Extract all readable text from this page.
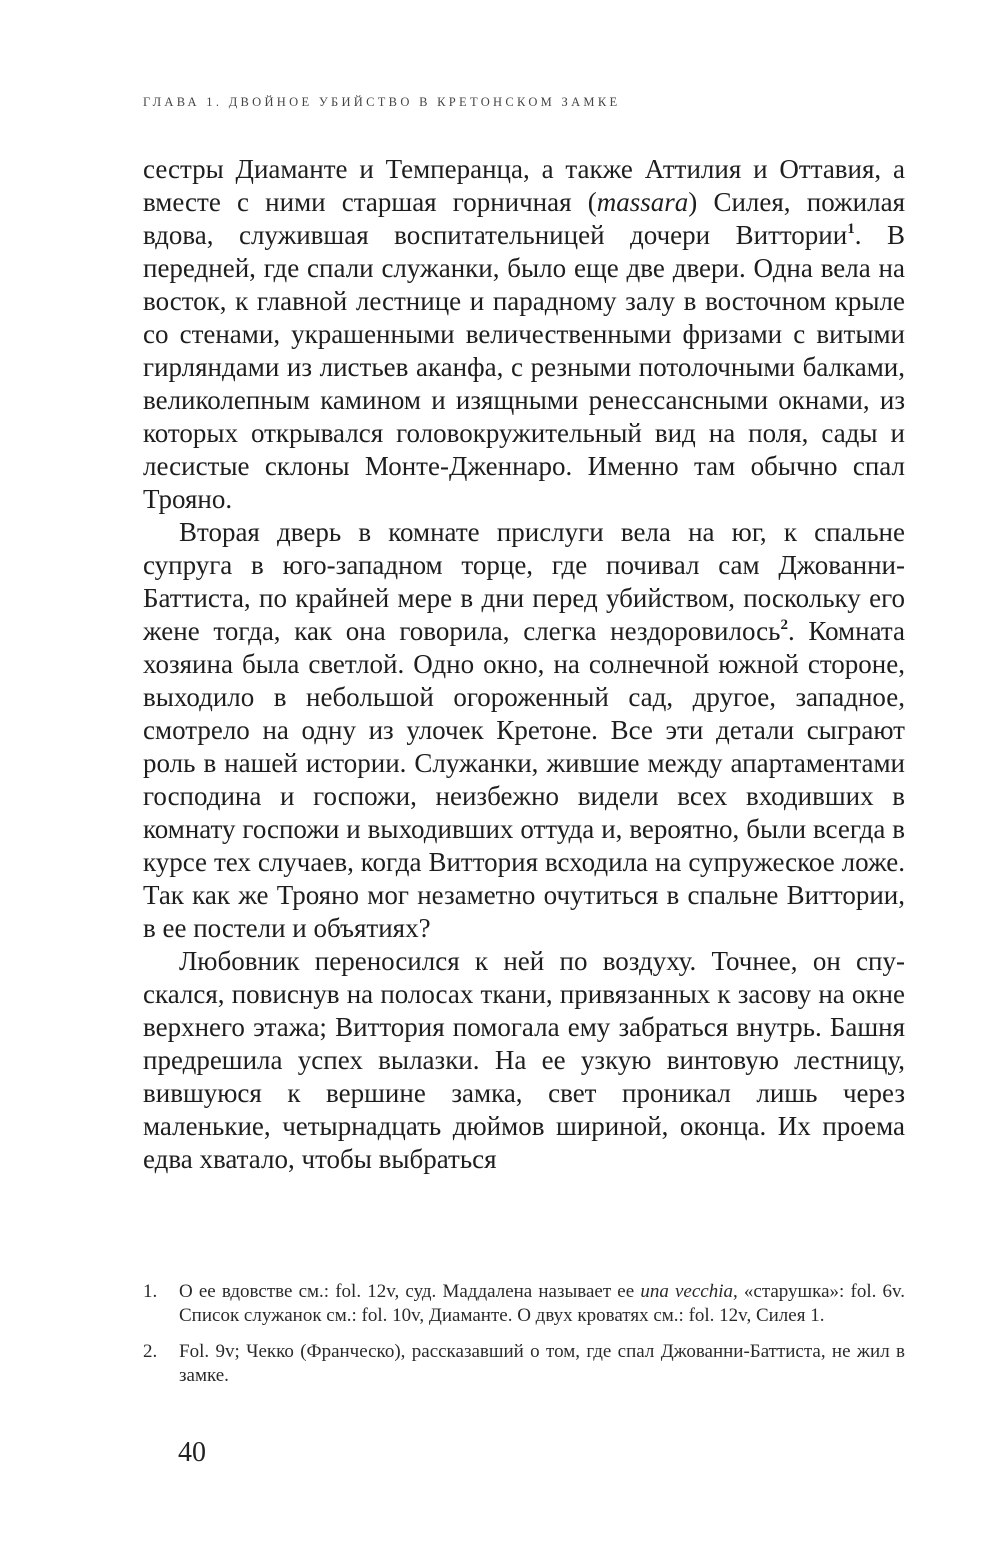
ГЛАВА 1. ДВОЙНОЕ УБИЙСТВО В КРЕТОНСКОМ ЗАМКЕ

сестры Диаманте и Темперанца, а также Аттилия и Оттавия, а вместе с ними старшая горничная (massara) Силея, пожилая вдова, служившая воспитательницей дочери Виттории$^1$. В передней, где спали служанки, было еще две двери. Одна вела на восток, к главной лестнице и парадному залу в восточном крыле со стенами, украшенными величественными фризами с витыми гирляндами из листьев аканфа, с резными потолочными балками, великолепным камином и изящными ренессансными окнами, из которых открывался головокружительный вид на поля, сады и лесистые склоны Монте-Дженнаро. Именно там обычно спал Трояно.

Вторая дверь в комнате прислуги вела на юг, к спальне супруга в юго-западном торце, где почивал сам Джованни-Баттиста, по крайней мере в дни перед убийством, поскольку его жене тогда, как она говорила, слегка нездоровилось$^2$. Комната хозяина была светлой. Одно окно, на солнечной южной стороне, выходило в небольшой огороженный сад, другое, западное, смотрело на одну из улочек Кретоне. Все эти детали сыграют роль в нашей истории. Служанки, жившие между апартаментами господина и госпожи, неизбежно видели всех входивших в комнату госпожи и выходивших оттуда и, вероятно, были всегда в курсе тех случаев, когда Виттория всходила на супружеское ложе. Так как же Трояно мог незаметно очутиться в спальне Виттории, в ее постели и объятиях?

Любовник переносился к ней по воздуху. Точнее, он спускался, повиснув на полосах ткани, привязанных к засову на окне верхнего этажа; Виттория помогала ему забраться внутрь. Башня предрешила успех вылазки. На ее узкую винтовую лестницу, вившуюся к вершине замка, свет проникал лишь через маленькие, четырнадцать дюймов шириной, оконца. Их проема едва хватало, чтобы выбраться

1.	О ее вдовстве см.: fol. 12v, суд. Маддалена называет ее una vecchia, «старушка»: fol. 6v. Список служанок см.: fol. 10v, Диаманте. О двух кроватях см.: fol. 12v, Силея 1.
2.	Fol. 9v; Чекко (Франческо), рассказавший о том, где спал Джованни-Баттиста, не жил в замке.
40
